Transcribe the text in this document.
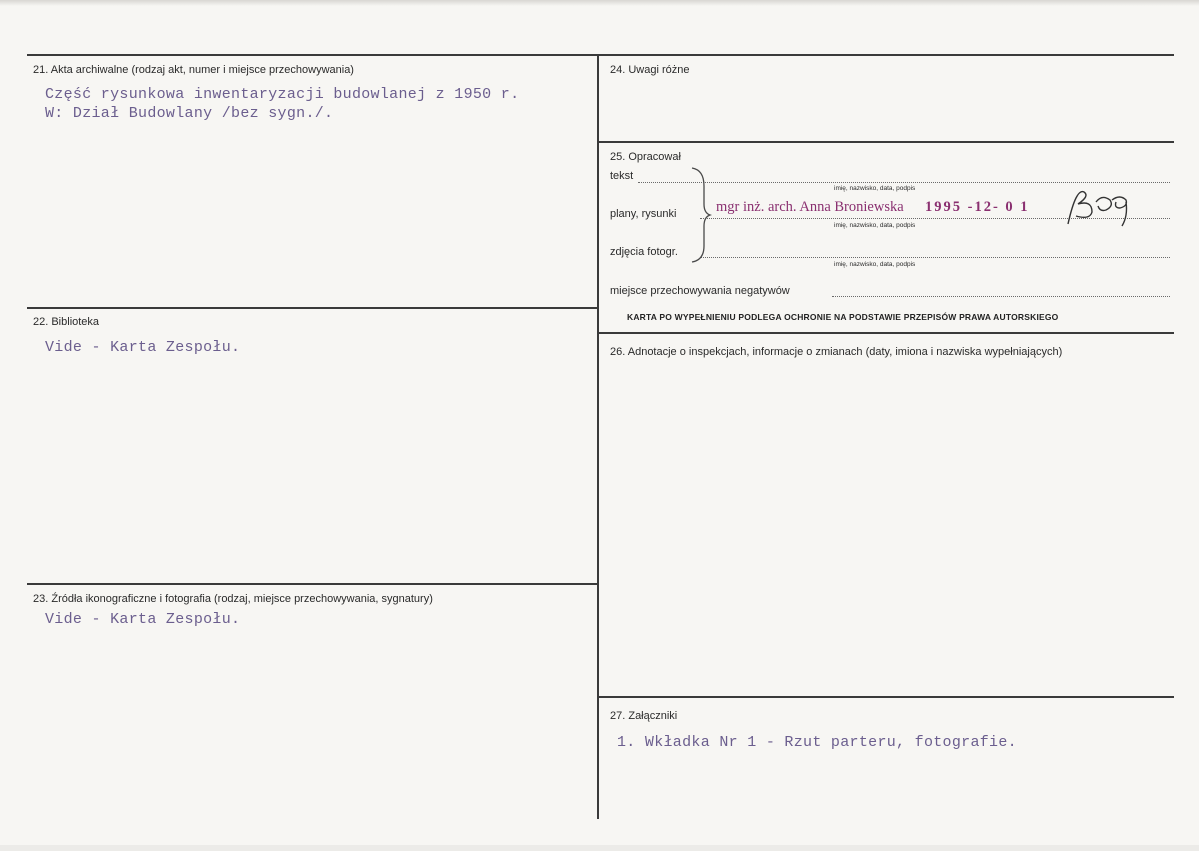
21. Akta archiwalne (rodzaj akt, numer i miejsce przechowywania)
Część rysunkowa inwentaryzacji budowlanej z 1950 r.
W: Dział Budowlany /bez sygn./.
22. Biblioteka
Vide - Karta Zespołu.
23. Źródła ikonograficzne i fotografia (rodzaj, miejsce przechowywania, sygnatury)
Vide - Karta Zespołu.
24. Uwagi różne
25. Opracował
tekst
imię, nazwisko, data, podpis
plany, rysunki
imię, nazwisko, data, podpis
zdjęcia fotogr.
imię, nazwisko, data, podpis
mgr inż. arch. Anna Broniewska 1995 -12- 0 1	Bq
miejsce przechowywania negatywów
KARTA PO WYPEŁNIENIU PODLEGA OCHRONIE NA PODSTAWIE PRZEPISÓW PRAWA AUTORSKIEGO
26. Adnotacje o inspekcjach, informacje o zmianach (daty, imiona i nazwiska wypełniających)
27. Załączniki
1. Wkładka Nr 1 - Rzut parteru, fotografie.
